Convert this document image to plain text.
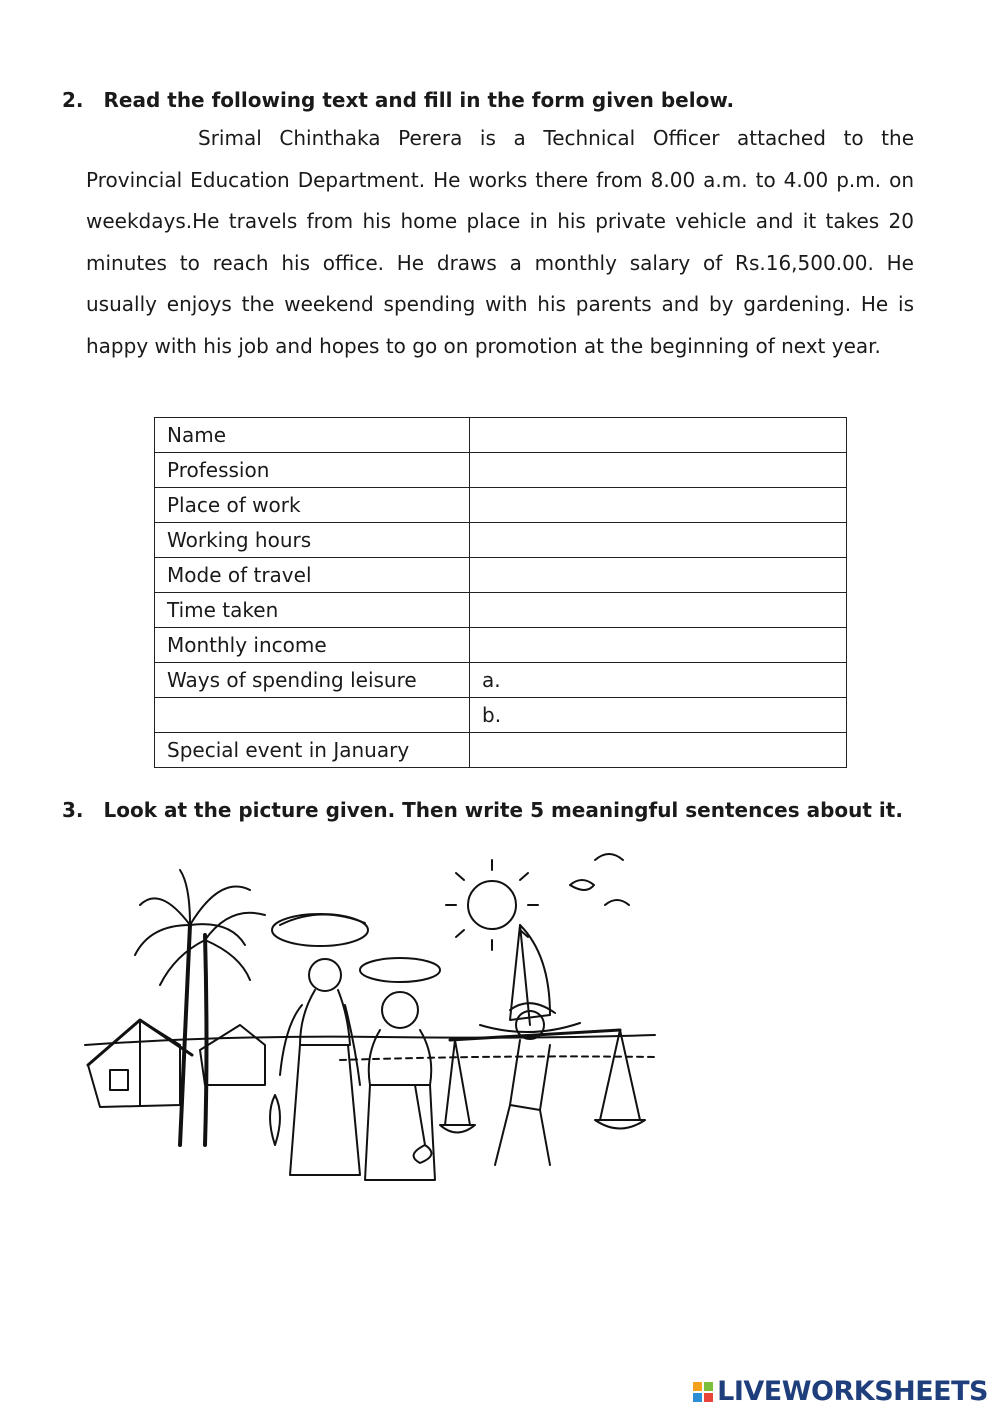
2. Read the following text and fill in the form given below.

Srimal Chinthaka Perera is a Technical Officer attached to the Provincial Education Department. He works there from 8.00 a.m. to 4.00 p.m. on weekdays.He travels from his home place in his private vehicle and it takes 20 minutes to reach his office. He draws a monthly salary of Rs.16,500.00. He usually enjoys the weekend spending with his parents and by gardening. He is happy with his job and hopes to go on promotion at the beginning of next year.

Name	
Profession	
Place of work	
Working hours	
Mode of travel	
Time taken	
Monthly income	
Ways of spending leisure	a.
	b.
Special event in January	
3. Look at the picture given. Then write 5 meaningful sentences about it.
LIVEWORKSHEETS
